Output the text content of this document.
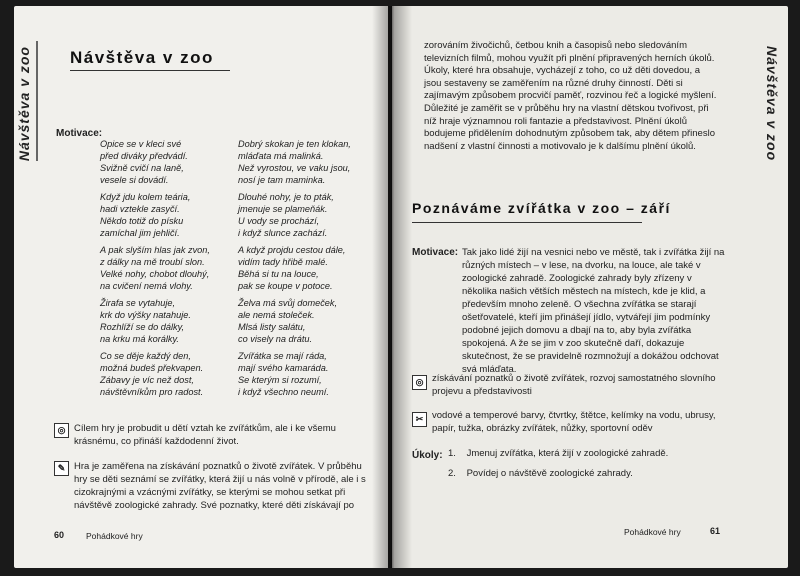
Návštěva v zoo Návštěva v zoo
Motivace:
Opice se v kleci své
před diváky předvádí.
Svižně cvičí na laně,
vesele si dovádí.
Když jdu kolem teária,
hadi vztekle zasyčí.
Někdo totiž do písku
zamíchal jim jehličí.
A pak slyším hlas jak zvon,
z dálky na mě troubí slon.
Velké nohy, chobot dlouhý,
na cvičení nemá vlohy.
Žirafa se vytahuje,
krk do výšky natahuje.
Rozhlíží se do dálky,
na krku má korálky.
Co se děje každý den,
možná budeš překvapen.
Zábavy je víc než dost,
návštěvníkům pro radost.
Dobrý skokan je ten klokan,
mláďata má malinká.
Než vyrostou, ve vaku jsou,
nosí je tam maminka.
Dlouhé nohy, je to pták,
jmenuje se plameňák.
U vody se prochází,
i když slunce zachází.
A když projdu cestou dále,
vidím tady hřibě malé.
Běhá si tu na louce,
pak se koupe v potoce.
Želva má svůj domeček,
ale nemá stoleček.
Mlsá listy salátu,
co visely na drátu.
Zvířátka se mají ráda,
mají svého kamaráda.
Se kterým si rozumí,
i když všechno neumí.
◎ Cílem hry je probudit u dětí vztah ke zvířátkům, ale i ke všemu krásnému, co přináší každodenní život.
✎ Hra je zaměřena na získávání poznatků o životě zvířátek. V průběhu hry se děti seznámí se zvířátky, která žijí u nás volně v přírodě, ale i s cizokrajnými a vzácnými zvířátky, se kterými se mohou setkat při návštěvě zoologické zahrady. Své poznatky, které děti získávají po
60	Pohádkové hry
Návštěva v zoo
zorováním živočichů, četbou knih a časopisů nebo sledováním televizních filmů, mohou využít při plnění připravených herních úkolů. Úkoly, které hra obsahuje, vycházejí z toho, co už děti dovedou, a jsou sestaveny se zaměřením na různé druhy činností. Děti si zajímavým způsobem procvičí paměť, rozvinou řeč a logické myšlení. Důležité je zaměřit se v průběhu hry na vlastní dětskou tvořivost, při níž hraje významnou roli fantazie a představivost. Plnění úkolů bodujeme přidělením dohodnutým způsobem tak, aby dětem přineslo nadšení z vlastní činnosti a motivovalo je k dalšímu plnění úkolů.
Poznáváme zvířátka v zoo – září
Motivace: Tak jako lidé žijí na vesnici nebo ve městě, tak i zvířátka žijí na různých místech – v lese, na dvorku, na louce, ale také v zoologické zahradě. Zoologické zahrady byly zřízeny v několika našich větších městech na místech, kde je klid, a především mnoho zeleně. O všechna zvířátka se starají ošetřovatelé, kteří jim přinášejí jídlo, vytvářejí jim podmínky podobné jejich domovu a dbají na to, aby byla zvířátka spokojená. A že se jim v zoo skutečně daří, dokazuje skutečnost, že se pravidelně rozmnožují a dokážou odchovat svá mláďata.
◎ získávání poznatků o životě zvířátek, rozvoj samostatného slovního projevu a představivosti
✂ vodové a temperové barvy, čtvrtky, štětce, kelímky na vodu, ubrusy, papír, tužka, obrázky zvířátek, nůžky, sportovní oděv
Úkoly: 1. Jmenuj zvířátka, která žijí v zoologické zahradě.
2. Povídej o návštěvě zoologické zahrady.
Pohádkové hry	61
